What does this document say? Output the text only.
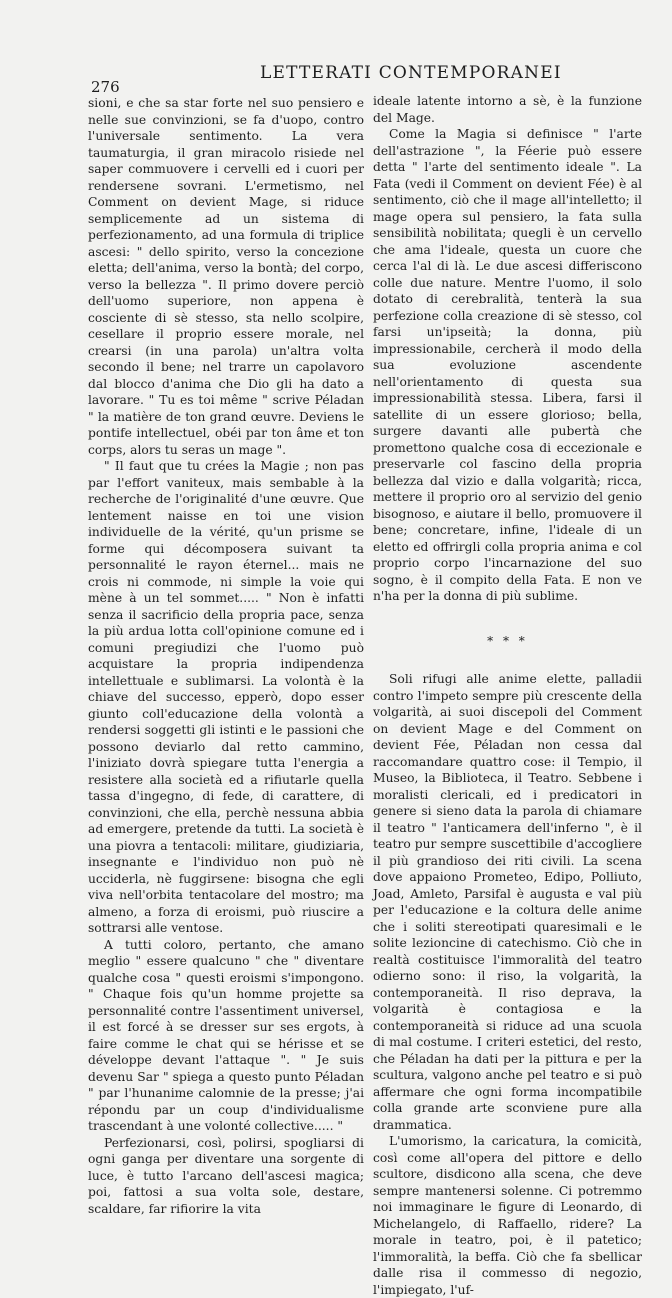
276
LETTERATI CONTEMPORANEI

sioni, e che sa star forte nel suo pensiero e nelle sue convinzioni, se fa d'uopo, contro l'universale sentimento. La vera taumaturgia, il gran miracolo risiede nel saper commuovere i cervelli ed i cuori per rendersene sovrani. L'ermetismo, nel Comment on devient Mage, si riduce semplicemente ad un sistema di perfezionamento, ad una formula di triplice ascesi: " dello spirito, verso la concezione eletta; dell'anima, verso la bontà; del corpo, verso la bellezza ". Il primo dovere perciò dell'uomo superiore, non appena è cosciente di sè stesso, sta nello scolpire, cesellare il proprio essere morale, nel crearsi (in una parola) un'altra volta secondo il bene; nel trarre un capolavoro dal blocco d'anima che Dio gli ha dato a lavorare. " Tu es toi même " scrive Péladan " la matière de ton grand œuvre. Deviens le pontife intellectuel, obéi par ton âme et ton corps, alors tu seras un mage ".

" Il faut que tu crées la Magie ; non pas par l'effort vaniteux, mais sembable à la recherche de l'originalité d'une œuvre. Que lentement naisse en toi une vision individuelle de la vérité, qu'un prisme se forme qui décomposera suivant ta personnalité le rayon éternel... mais ne crois ni commode, ni simple la voie qui mène à un tel sommet..... " Non è infatti senza il sacrificio della propria pace, senza la più ardua lotta coll'opinione comune ed i comuni pregiudizi che l'uomo può acquistare la propria indipendenza intellettuale e sublimarsi. La volontà è la chiave del successo, epperò, dopo esser giunto coll'educazione della volontà a rendersi soggetti gli istinti e le passioni che possono deviarlo dal retto cammino, l'iniziato dovrà spiegare tutta l'energia a resistere alla società ed a rifiutarle quella tassa d'ingegno, di fede, di carattere, di convinzioni, che ella, perchè nessuna abbia ad emergere, pretende da tutti. La società è una piovra a tentacoli: militare, giudiziaria, insegnante e l'individuo non può nè ucciderla, nè fuggirsene: bisogna che egli viva nell'orbita tentacolare del mostro; ma almeno, a forza di eroismi, può riuscire a sottrarsi alle ventose.

A tutti coloro, pertanto, che amano meglio " essere qualcuno " che " diventare qualche cosa " questi eroismi s'impongono. " Chaque fois qu'un homme projette sa personnalité contre l'assentiment universel, il est forcé à se dresser sur ses ergots, à faire comme le chat qui se hérisse et se développe devant l'attaque ". " Je suis devenu Sar " spiega a questo punto Péladan " par l'hunanime calomnie de la presse; j'ai répondu par un coup d'individualisme trascendant à une volonté collective..... "

Perfezionarsi, così, polirsi, spogliarsi di ogni ganga per diventare una sorgente di luce, è tutto l'arcano dell'ascesi magica; poi, fattosi a sua volta sole, destare, scaldare, far rifiorire la vita

ideale latente intorno a sè, è la funzione del Mage.

Come la Magia si definisce " l'arte dell'astrazione ", la Féerie può essere detta " l'arte del sentimento ideale ". La Fata (vedi il Comment on devient Fée) è al sentimento, ciò che il mage all'intelletto; il mage opera sul pensiero, la fata sulla sensibilità nobilitata; quegli è un cervello che ama l'ideale, questa un cuore che cerca l'al di là. Le due ascesi differiscono colle due nature. Mentre l'uomo, il solo dotato di cerebralità, tenterà la sua perfezione colla creazione di sè stesso, col farsi un'ipseità; la donna, più impressionabile, cercherà il modo della sua evoluzione ascendente nell'orientamento di questa sua impressionabilità stessa. Libera, farsi il satellite di un essere glorioso; bella, surgere davanti alle pubertà che promettono qualche cosa di eccezionale e preservarle col fascino della propria bellezza dal vizio e dalla volgarità; ricca, mettere il proprio oro al servizio del genio bisognoso, e aiutare il bello, promuovere il bene; concretare, infine, l'ideale di un eletto ed offrirgli colla propria anima e col proprio corpo l'incarnazione del suo sogno, è il compito della Fata. E non ve n'ha per la donna di più sublime.

* * *

Soli rifugi alle anime elette, palladii contro l'impeto sempre più crescente della volgarità, ai suoi discepoli del Comment on devient Mage e del Comment on devient Fée, Péladan non cessa dal raccomandare quattro cose: il Tempio, il Museo, la Biblioteca, il Teatro. Sebbene i moralisti clericali, ed i predicatori in genere si sieno data la parola di chiamare il teatro " l'anticamera dell'inferno ", è il teatro pur sempre suscettibile d'accogliere il più grandioso dei riti civili. La scena dove appaiono Prometeo, Edipo, Polliuto, Joad, Amleto, Parsifal è augusta e val più per l'educazione e la coltura delle anime che i soliti stereotipati quaresimali e le solite lezioncine di catechismo. Ciò che in realtà costituisce l'immoralità del teatro odierno sono: il riso, la volgarità, la contemporaneità. Il riso deprava, la volgarità è contagiosa e la contemporaneità si riduce ad una scuola di mal costume. I criteri estetici, del resto, che Péladan ha dati per la pittura e per la scultura, valgono anche pel teatro e si può affermare che ogni forma incompatibile colla grande arte sconviene pure alla drammatica.

L'umorismo, la caricatura, la comicità, così come all'opera del pittore e dello scultore, disdicono alla scena, che deve sempre mantenersi solenne. Ci potremmo noi immaginare le figure di Leonardo, di Michelangelo, di Raffaello, ridere? La morale in teatro, poi, è il patetico; l'immoralità, la beffa. Ciò che fa sbellicar dalle risa il commesso di negozio, l'impiegato, l'uf-
